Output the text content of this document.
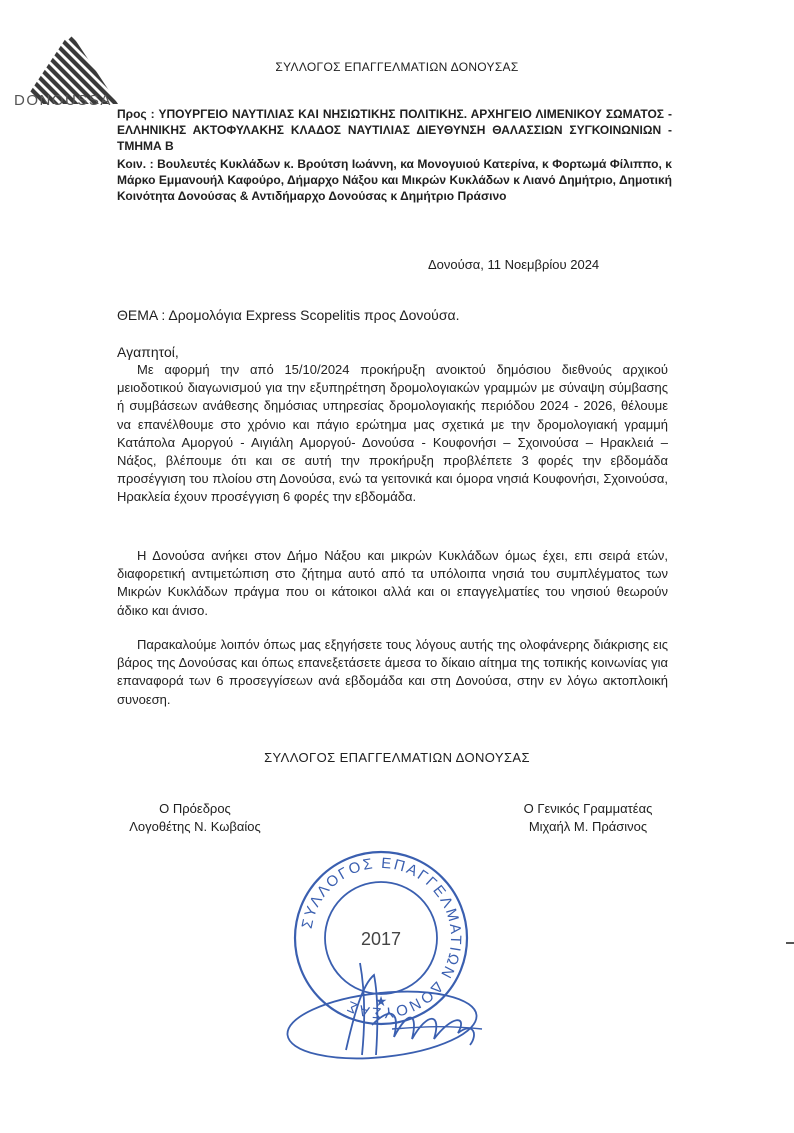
DONOUSSA
ΣΥΛΛΟΓΟΣ ΕΠΑΓΓΕΛΜΑΤΙΩΝ ΔΟΝΟΥΣΑΣ

Προς : ΥΠΟΥΡΓΕΙΟ ΝΑΥΤΙΛΙΑΣ ΚΑΙ ΝΗΣΙΩΤΙΚΗΣ ΠΟΛΙΤΙΚΗΣ. ΑΡΧΗΓΕΙΟ ΛΙΜΕΝΙΚΟΥ ΣΩΜΑΤΟΣ - ΕΛΛΗΝΙΚΗΣ ΑΚΤΟΦΥΛΑΚΗΣ ΚΛΑΔΟΣ ΝΑΥΤΙΛΙΑΣ ΔΙΕΥΘΥΝΣΗ ΘΑΛΑΣΣΙΩΝ ΣΥΓΚΟΙΝΩΝΙΩΝ - ΤΜΗΜΑ Β

Κοιν. : Βουλευτές Κυκλάδων κ. Βρούτση Ιωάννη, κα Μονογυιού Κατερίνα, κ Φορτωμά Φίλιππο, κ Μάρκο Εμμανουήλ Καφούρο, Δήμαρχο Νάξου και Μικρών Κυκλάδων κ Λιανό Δημήτριο, Δημοτική Κοινότητα Δονούσας & Αντιδήμαρχο Δονούσας κ Δημήτριο Πράσινο

Δονούσα, 11 Νοεμβρίου 2024
ΘΕΜΑ : Δρομολόγια Express Scopelitis προς Δονούσα.
Αγαπητοί,

Με αφορμή την από 15/10/2024 προκήρυξη ανοικτού δημόσιου διεθνούς αρχικού μειοδοτικού διαγωνισμού για την εξυπηρέτηση δρομολογιακών γραμμών με σύναψη σύμβασης ή συμβάσεων ανάθεσης δημόσιας υπηρεσίας δρομολογιακής περιόδου 2024 - 2026, θέλουμε να επανέλθουμε στο χρόνιο και πάγιο ερώτημα μας σχετικά με την δρομολογιακή γραμμή Κατάπολα Αμοργού - Αιγιάλη Αμοργού- Δονούσα - Κουφονήσι – Σχοινούσα – Ηρακλειά – Νάξος, βλέπουμε ότι και σε αυτή την προκήρυξη προβλέπετε 3 φορές την εβδομάδα προσέγγιση του πλοίου στη Δονούσα, ενώ τα γειτονικά και όμορα νησιά Κουφονήσι, Σχοινούσα, Ηρακλεία έχουν προσέγγιση 6 φορές την εβδομάδα.

Η Δονούσα ανήκει στον Δήμο Νάξου και μικρών Κυκλάδων όμως έχει, επι σειρά ετών, διαφορετική αντιμετώπιση στο ζήτημα αυτό από τα υπόλοιπα νησιά του συμπλέγματος των Μικρών Κυκλάδων πράγμα που οι κάτοικοι αλλά και οι επαγγελματίες του νησιού θεωρούν άδικο και άνισο.

Παρακαλούμε λοιπόν όπως μας εξηγήσετε τους λόγους αυτής της ολοφάνερης διάκρισης εις βάρος της Δονούσας και όπως επανεξετάσετε άμεσα το δίκαιο αίτημα της τοπικής κοινωνίας για επαναφορά των 6 προσεγγίσεων ανά εβδομάδα και στη Δονούσα, στην εν λόγω ακτοπλοική συνοεση.

ΣΥΛΛΟΓΟΣ ΕΠΑΓΓΕΛΜΑΤΙΩΝ ΔΟΝΟΥΣΑΣ
Ο Πρόεδρος
Λογοθέτης Ν. Κωβαίος
Ο Γενικός Γραμματέας
Μιχαήλ Μ. Πράσινος
ΣΥΛΛΟΓΟΣ ΕΠΑΓΓΕΛΜΑΤΙΩΝ ΔΟΝΟΥΣΑΣ
2017
★
